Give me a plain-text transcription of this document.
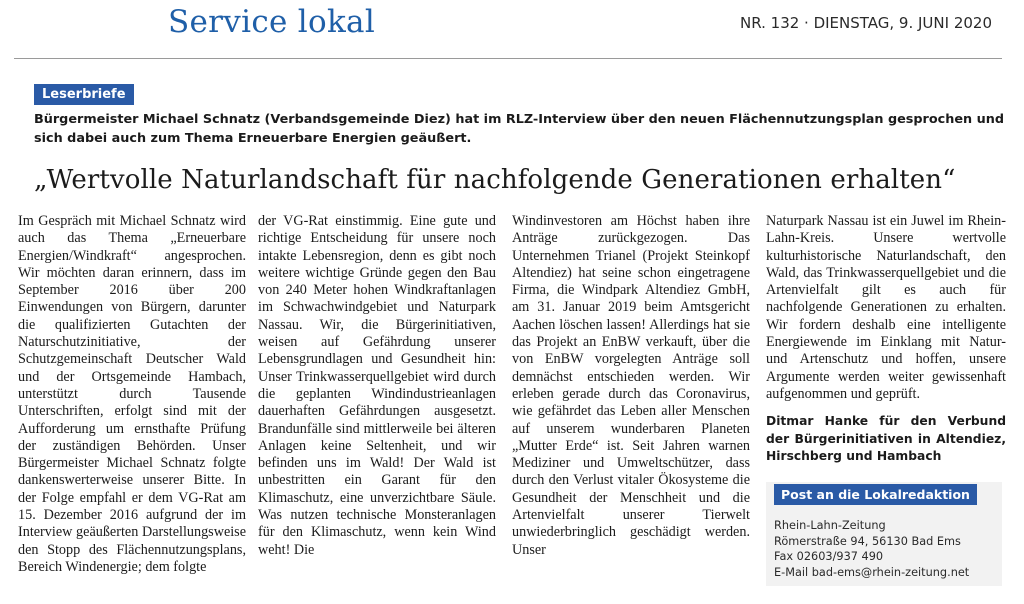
Service lokal	NR. 132 · DIENSTAG, 9. JUNI 2020
Leserbriefe
Bürgermeister Michael Schnatz (Verbandsgemeinde Diez) hat im RLZ-Interview über den neuen Flächennutzungsplan gesprochen und sich dabei auch zum Thema Erneuerbare Energien geäußert.
„Wertvolle Naturlandschaft für nachfolgende Generationen erhalten“

Im Gespräch mit Michael Schnatz wird auch das Thema „Erneuerbare Energien/Windkraft“ angesprochen. Wir möchten daran erinnern, dass im September 2016 über 200 Einwendungen von Bürgern, darunter die qualifizierten Gutachten der Naturschutzinitiative, der Schutzgemeinschaft Deutscher Wald und der Ortsgemeinde Hambach, unterstützt durch Tausende Unterschriften, erfolgt sind mit der Aufforderung um ernsthafte Prüfung der zuständigen Behörden. Unser Bürgermeister Michael Schnatz folgte dankenswerterweise unserer Bitte. In der Folge empfahl er dem VG-Rat am 15. Dezember 2016 aufgrund der im Interview geäußerten Darstellungsweise den Stopp des Flächennutzungsplans, Bereich Windenergie; dem folgte

der VG-Rat einstimmig. Eine gute und richtige Entscheidung für unsere noch intakte Lebensregion, denn es gibt noch weitere wichtige Gründe gegen den Bau von 240 Meter hohen Windkraftanlagen im Schwachwindgebiet und Naturpark Nassau. Wir, die Bürgerinitiativen, weisen auf Gefährdung unserer Lebensgrundlagen und Gesundheit hin: Unser Trinkwasserquellgebiet wird durch die geplanten Windindustrieanlagen dauerhaften Gefährdungen ausgesetzt. Brandunfälle sind mittlerweile bei älteren Anlagen keine Seltenheit, und wir befinden uns im Wald! Der Wald ist unbestritten ein Garant für den Klimaschutz, eine unverzichtbare Säule. Was nutzen technische Monsteranlagen für den Klimaschutz, wenn kein Wind weht! Die

Windinvestoren am Höchst haben ihre Anträge zurückgezogen. Das Unternehmen Trianel (Projekt Steinkopf Altendiez) hat seine schon eingetragene Firma, die Windpark Altendiez GmbH, am 31. Januar 2019 beim Amtsgericht Aachen löschen lassen! Allerdings hat sie das Projekt an EnBW verkauft, über die von EnBW vorgelegten Anträge soll demnächst entschieden werden. Wir erleben gerade durch das Coronavirus, wie gefährdet das Leben aller Menschen auf unserem wunderbaren Planeten „Mutter Erde“ ist. Seit Jahren warnen Mediziner und Umweltschützer, dass durch den Verlust vitaler Ökosysteme die Gesundheit der Menschheit und die Artenvielfalt unserer Tierwelt unwiederbringlich geschädigt werden. Unser

Naturpark Nassau ist ein Juwel im Rhein-Lahn-Kreis. Unsere wertvolle kulturhistorische Naturlandschaft, den Wald, das Trinkwasserquellgebiet und die Artenvielfalt gilt es auch für nachfolgende Generationen zu erhalten. Wir fordern deshalb eine intelligente Energiewende im Einklang mit Natur- und Artenschutz und hoffen, unsere Argumente werden weiter gewissenhaft aufgenommen und geprüft.

Ditmar Hanke für den Verbund der Bürgerinitiativen in Altendiez, Hirschberg und Hambach
Post an die Lokalredaktion
Rhein-Lahn-Zeitung
Römerstraße 94, 56130 Bad Ems
Fax 02603/937 490
E-Mail bad-ems@rhein-zeitung.net
